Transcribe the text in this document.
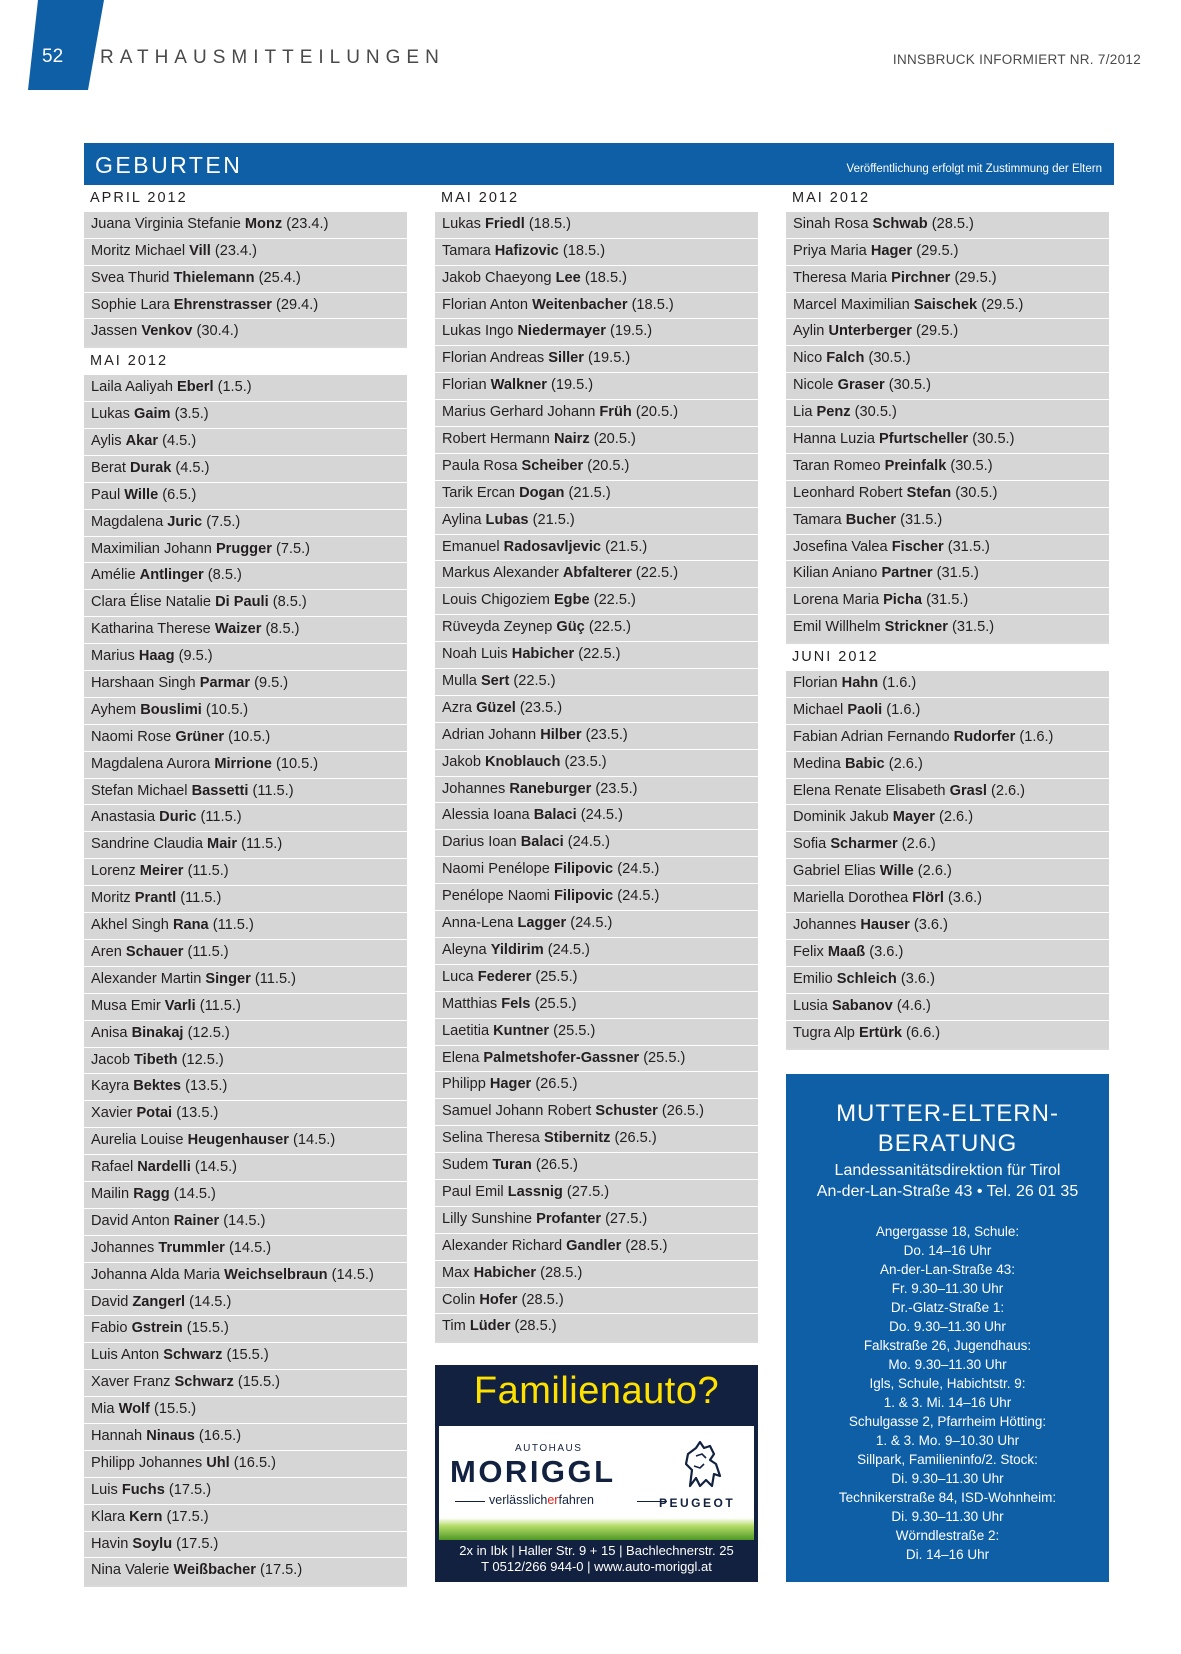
52	RATHAUSMITTEILUNGEN	INNSBRUCK INFORMIERT NR. 7/2012
GEBURTEN	Veröffentlichung erfolgt mit Zustimmung der Eltern
APRIL 2012
Juana Virginia Stefanie Monz (23.4.)
Moritz Michael Vill (23.4.)
Svea Thurid Thielemann (25.4.)
Sophie Lara Ehrenstrasser (29.4.)
Jassen Venkov (30.4.)
MAI 2012
Laila Aaliyah Eberl (1.5.)
Lukas Gaim (3.5.)
Aylis Akar (4.5.)
Berat Durak (4.5.)
Paul Wille (6.5.)
Magdalena Juric (7.5.)
Maximilian Johann Prugger (7.5.)
Amélie Antlinger (8.5.)
Clara Élise Natalie Di Pauli (8.5.)
Katharina Therese Waizer (8.5.)
Marius Haag (9.5.)
Harshaan Singh Parmar (9.5.)
Ayhem Bouslimi (10.5.)
Naomi Rose Grüner (10.5.)
Magdalena Aurora Mirrione (10.5.)
Stefan Michael Bassetti (11.5.)
Anastasia Duric (11.5.)
Sandrine Claudia Mair (11.5.)
Lorenz Meirer (11.5.)
Moritz Prantl (11.5.)
Akhel Singh Rana (11.5.)
Aren Schauer (11.5.)
Alexander Martin Singer (11.5.)
Musa Emir Varli (11.5.)
Anisa Binakaj (12.5.)
Jacob Tibeth (12.5.)
Kayra Bektes (13.5.)
Xavier Potai (13.5.)
Aurelia Louise Heugenhauser (14.5.)
Rafael Nardelli (14.5.)
Mailin Ragg (14.5.)
David Anton Rainer (14.5.)
Johannes Trummler (14.5.)
Johanna Alda Maria Weichselbraun (14.5.)
David Zangerl (14.5.)
Fabio Gstrein (15.5.)
Luis Anton Schwarz (15.5.)
Xaver Franz Schwarz (15.5.)
Mia Wolf (15.5.)
Hannah Ninaus (16.5.)
Philipp Johannes Uhl (16.5.)
Luis Fuchs (17.5.)
Klara Kern (17.5.)
Havin Soylu (17.5.)
Nina Valerie Weißbacher (17.5.)
MAI 2012
Lukas Friedl (18.5.)
Tamara Hafizovic (18.5.)
Jakob Chaeyong Lee (18.5.)
Florian Anton Weitenbacher (18.5.)
Lukas Ingo Niedermayer (19.5.)
Florian Andreas Siller (19.5.)
Florian Walkner (19.5.)
Marius Gerhard Johann Früh (20.5.)
Robert Hermann Nairz (20.5.)
Paula Rosa Scheiber (20.5.)
Tarik Ercan Dogan (21.5.)
Aylina Lubas (21.5.)
Emanuel Radosavljevic (21.5.)
Markus Alexander Abfalterer (22.5.)
Louis Chigoziem Egbe (22.5.)
Rüveyda Zeynep Güç (22.5.)
Noah Luis Habicher (22.5.)
Mulla Sert (22.5.)
Azra Güzel (23.5.)
Adrian Johann Hilber (23.5.)
Jakob Knoblauch (23.5.)
Johannes Raneburger (23.5.)
Alessia Ioana Balaci (24.5.)
Darius Ioan Balaci (24.5.)
Naomi Penélope Filipovic (24.5.)
Penélope Naomi Filipovic (24.5.)
Anna-Lena Lagger (24.5.)
Aleyna Yildirim (24.5.)
Luca Federer (25.5.)
Matthias Fels (25.5.)
Laetitia Kuntner (25.5.)
Elena Palmetshofer-Gassner (25.5.)
Philipp Hager (26.5.)
Samuel Johann Robert Schuster (26.5.)
Selina Theresa Stibernitz (26.5.)
Sudem Turan (26.5.)
Paul Emil Lassnig (27.5.)
Lilly Sunshine Profanter (27.5.)
Alexander Richard Gandler (28.5.)
Max Habicher (28.5.)
Colin Hofer (28.5.)
Tim Lüder (28.5.)
MAI 2012
Sinah Rosa Schwab (28.5.)
Priya Maria Hager (29.5.)
Theresa Maria Pirchner (29.5.)
Marcel Maximilian Saischek (29.5.)
Aylin Unterberger (29.5.)
Nico Falch (30.5.)
Nicole Graser (30.5.)
Lia Penz (30.5.)
Hanna Luzia Pfurtscheller (30.5.)
Taran Romeo Preinfalk (30.5.)
Leonhard Robert Stefan (30.5.)
Tamara Bucher (31.5.)
Josefina Valea Fischer (31.5.)
Kilian Aniano Partner (31.5.)
Lorena Maria Picha (31.5.)
Emil Willhelm Strickner (31.5.)
JUNI 2012
Florian Hahn (1.6.)
Michael Paoli (1.6.)
Fabian Adrian Fernando Rudorfer (1.6.)
Medina Babic (2.6.)
Elena Renate Elisabeth Grasl (2.6.)
Dominik Jakub Mayer (2.6.)
Sofia Scharmer (2.6.)
Gabriel Elias Wille (2.6.)
Mariella Dorothea Flörl (3.6.)
Johannes Hauser (3.6.)
Felix Maaß (3.6.)
Emilio Schleich (3.6.)
Lusia Sabanov (4.6.)
Tugra Alp Ertürk (6.6.)
Familienauto?
AUTOHAUS
MORIGGL
verlässlicherfahren	PEUGEOT
2x in Ibk | Haller Str. 9 + 15 | Bachlechnerstr. 25
T 0512/266 944-0 | www.auto-moriggl.at
MUTTER-ELTERN-
BERATUNG
Landessanitätsdirektion für Tirol
An-der-Lan-Straße 43 • Tel. 26 01 35
Angergasse 18, Schule:
Do. 14–16 Uhr
An-der-Lan-Straße 43:
Fr. 9.30–11.30 Uhr
Dr.-Glatz-Straße 1:
Do. 9.30–11.30 Uhr
Falkstraße 26, Jugendhaus:
Mo. 9.30–11.30 Uhr
Igls, Schule, Habichtstr. 9:
1. & 3. Mi. 14–16 Uhr
Schulgasse 2, Pfarrheim Hötting:
1. & 3. Mo. 9–10.30 Uhr
Sillpark, Familieninfo/2. Stock:
Di. 9.30–11.30 Uhr
Technikerstraße 84, ISD-Wohnheim:
Di. 9.30–11.30 Uhr
Wörndlestraße 2:
Di. 14–16 Uhr
